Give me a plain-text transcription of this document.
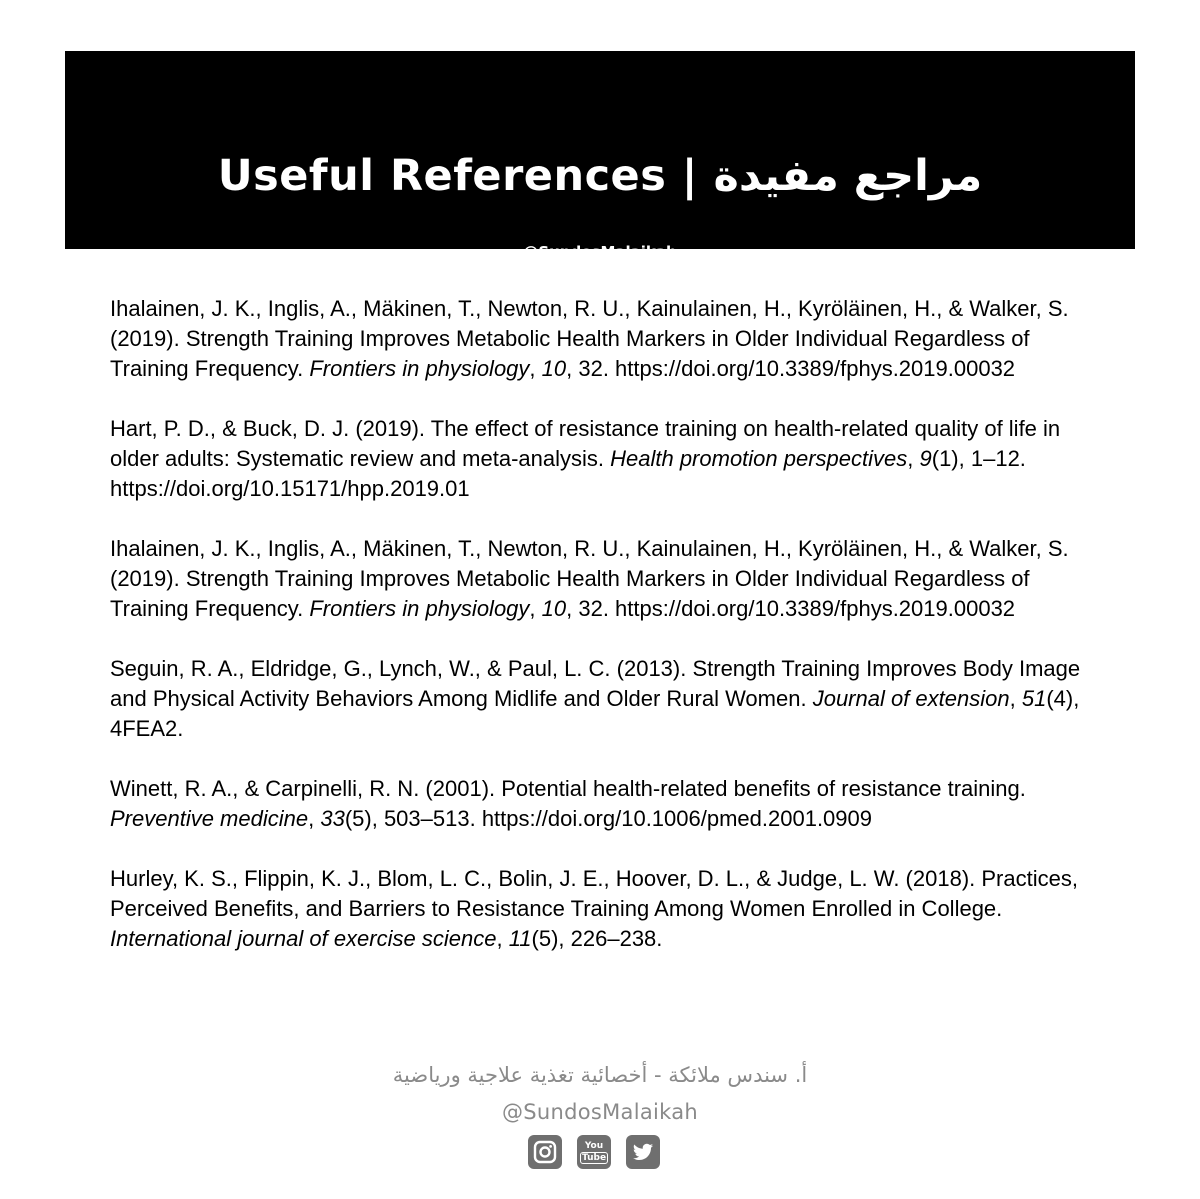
Useful References | مراجع مفيدة
@SundosMalaikah

Ihalainen, J. K., Inglis, A., Mäkinen, T., Newton, R. U., Kainulainen, H., Kyröläinen, H., & Walker, S. (2019). Strength Training Improves Metabolic Health Markers in Older Individual Regardless of Training Frequency. Frontiers in physiology, 10, 32. https://doi.org/10.3389/fphys.2019.00032

Hart, P. D., & Buck, D. J. (2019). The effect of resistance training on health-related quality of life in older adults: Systematic review and meta-analysis. Health promotion perspectives, 9(1), 1–12. https://doi.org/10.15171/hpp.2019.01

Ihalainen, J. K., Inglis, A., Mäkinen, T., Newton, R. U., Kainulainen, H., Kyröläinen, H., & Walker, S. (2019). Strength Training Improves Metabolic Health Markers in Older Individual Regardless of Training Frequency. Frontiers in physiology, 10, 32. https://doi.org/10.3389/fphys.2019.00032

Seguin, R. A., Eldridge, G., Lynch, W., & Paul, L. C. (2013). Strength Training Improves Body Image and Physical Activity Behaviors Among Midlife and Older Rural Women. Journal of extension, 51(4), 4FEA2.

Winett, R. A., & Carpinelli, R. N. (2001). Potential health-related benefits of resistance training. Preventive medicine, 33(5), 503–513. https://doi.org/10.1006/pmed.2001.0909

Hurley, K. S., Flippin, K. J., Blom, L. C., Bolin, J. E., Hoover, D. L., & Judge, L. W. (2018). Practices, Perceived Benefits, and Barriers to Resistance Training Among Women Enrolled in College. International journal of exercise science, 11(5), 226–238.

أ. سندس ملائكة - أخصائية تغذية علاجية ورياضية
@SundosMalaikah
You
Tube
